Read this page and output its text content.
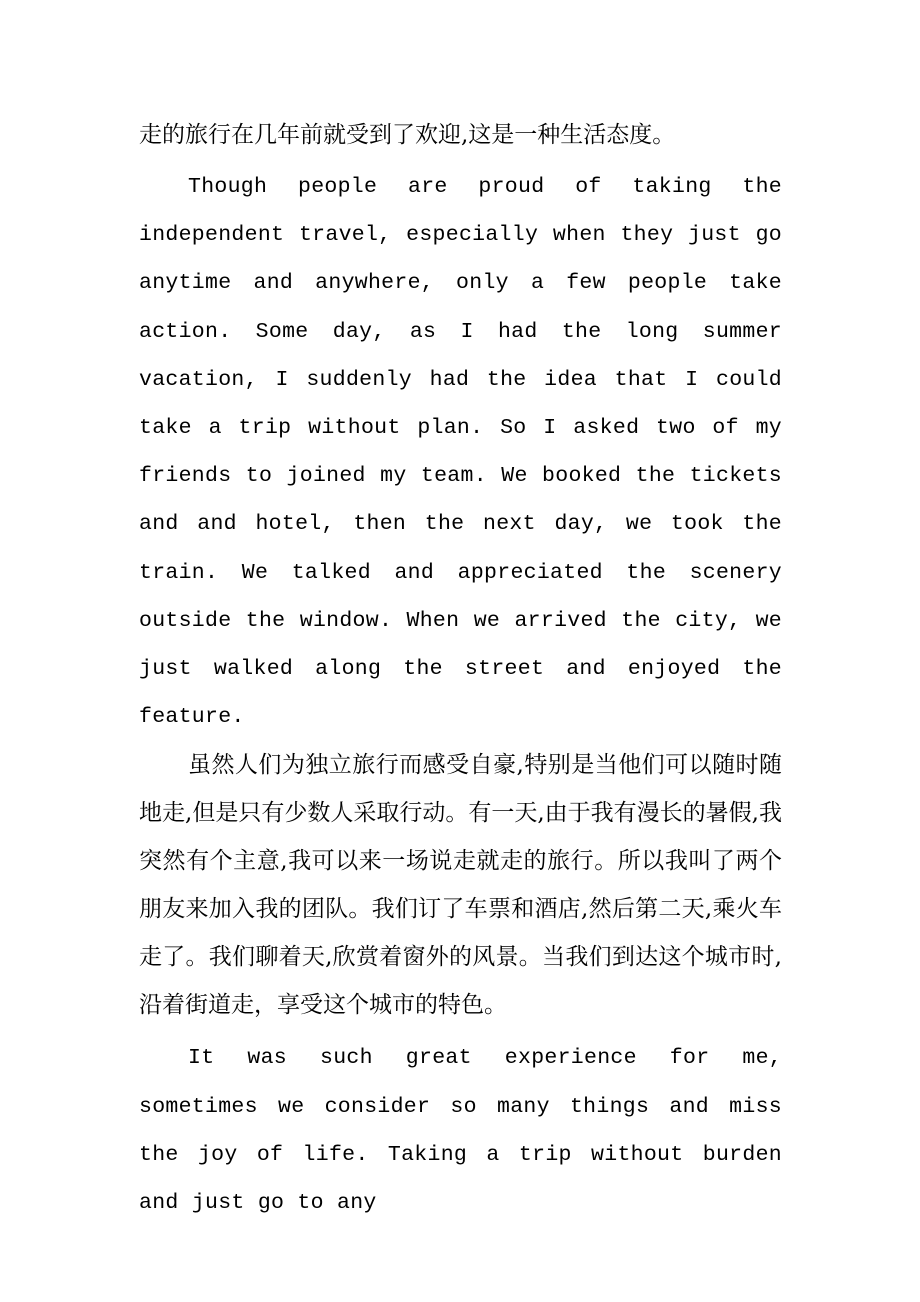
走的旅行在几年前就受到了欢迎,这是一种生活态度。

Though people are proud of taking the independent travel, especially when they just go anytime and anywhere, only a few people take action. Some day, as I had the long summer vacation, I suddenly had the idea that I could take a trip without plan. So I asked two of my friends to joined my team. We booked the tickets and and hotel, then the next day, we took the train. We talked and appreciated the scenery outside the window. When we arrived the city, we just walked along the street and enjoyed the feature.

虽然人们为独立旅行而感受自豪,特别是当他们可以随时随地走,但是只有少数人采取行动。有一天,由于我有漫长的暑假,我突然有个主意,我可以来一场说走就走的旅行。所以我叫了两个朋友来加入我的团队。我们订了车票和酒店,然后第二天,乘火车走了。我们聊着天,欣赏着窗外的风景。当我们到达这个城市时,沿着街道走，享受这个城市的特色。

It was such great experience for me, sometimes we consider so many things and miss the joy of life. Taking a trip without burden and just go to any
